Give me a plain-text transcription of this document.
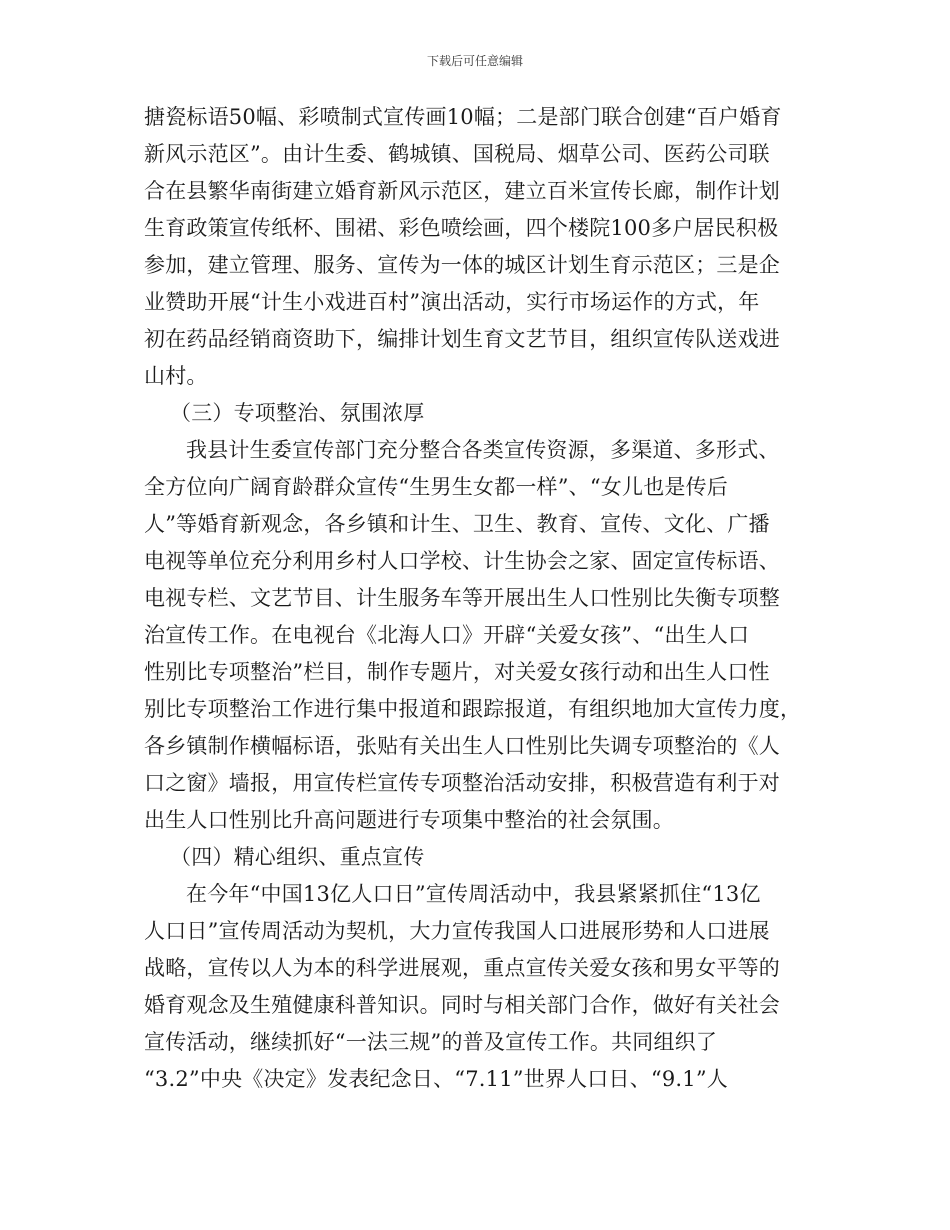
下载后可任意编辑
搪瓷标语50幅、彩喷制式宣传画10幅；二是部门联合创建“百户婚育
新风示范区”。由计生委、鹤城镇、国税局、烟草公司、医药公司联
合在县繁华南街建立婚育新风示范区，建立百米宣传长廊，制作计划
生育政策宣传纸杯、围裙、彩色喷绘画，四个楼院100多户居民积极
参加，建立管理、服务、宣传为一体的城区计划生育示范区；三是企
业赞助开展“计生小戏进百村”演出活动，实行市场运作的方式，年
初在药品经销商资助下，编排计划生育文艺节目，组织宣传队送戏进
山村。
（三）专项整治、氛围浓厚
我县计生委宣传部门充分整合各类宣传资源，多渠道、多形式、
全方位向广阔育龄群众宣传“生男生女都一样”、“女儿也是传后
人”等婚育新观念，各乡镇和计生、卫生、教育、宣传、文化、广播
电视等单位充分利用乡村人口学校、计生协会之家、固定宣传标语、
电视专栏、文艺节目、计生服务车等开展出生人口性别比失衡专项整
治宣传工作。在电视台《北海人口》开辟“关爱女孩”、“出生人口
性别比专项整治”栏目，制作专题片，对关爱女孩行动和出生人口性
别比专项整治工作进行集中报道和跟踪报道，有组织地加大宣传力度，
各乡镇制作横幅标语，张贴有关出生人口性别比失调专项整治的《人
口之窗》墙报，用宣传栏宣传专项整治活动安排，积极营造有利于对
出生人口性别比升高问题进行专项集中整治的社会氛围。
（四）精心组织、重点宣传
在今年“中国13亿人口日”宣传周活动中，我县紧紧抓住“13亿
人口日”宣传周活动为契机，大力宣传我国人口进展形势和人口进展
战略，宣传以人为本的科学进展观，重点宣传关爱女孩和男女平等的
婚育观念及生殖健康科普知识。同时与相关部门合作，做好有关社会
宣传活动，继续抓好“一法三规”的普及宣传工作。共同组织了
“3.2”中央《决定》发表纪念日、“7.11”世界人口日、“9.1”人
